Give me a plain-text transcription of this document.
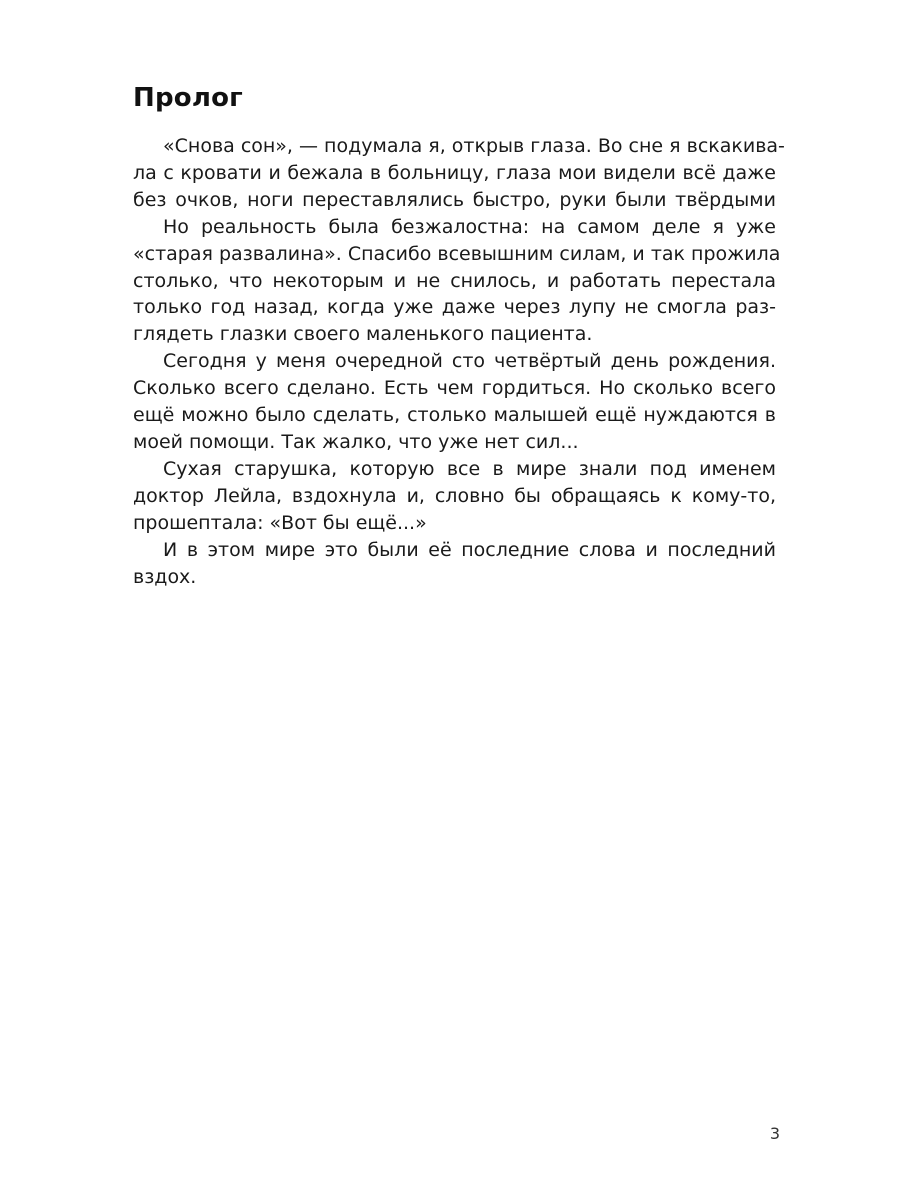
Пролог

«Снова сон», — подумала я, открыв глаза. Во сне я вскакива-
ла с кровати и бежала в больницу, глаза мои видели всё даже
без очков, ноги переставлялись быстро, руки были твёрдыми

Но реальность была безжалостна: на самом деле я уже
«старая развалина». Спасибо всевышним силам, и так прожила
столько, что некоторым и не снилось, и работать перестала
только год назад, когда уже даже через лупу не смогла раз-
глядеть глазки своего маленького пациента.

Сегодня у меня очередной сто четвёртый день рождения.
Сколько всего сделано. Есть чем гордиться. Но сколько всего
ещё можно было сделать, столько малышей ещё нуждаются в
моей помощи. Так жалко, что уже нет сил...

Сухая старушка, которую все в мире знали под именем
доктор Лейла, вздохнула и, словно бы обращаясь к кому-то,
прошептала: «Вот бы ещё...»

И в этом мире это были её последние слова и последний
вздох.

3
